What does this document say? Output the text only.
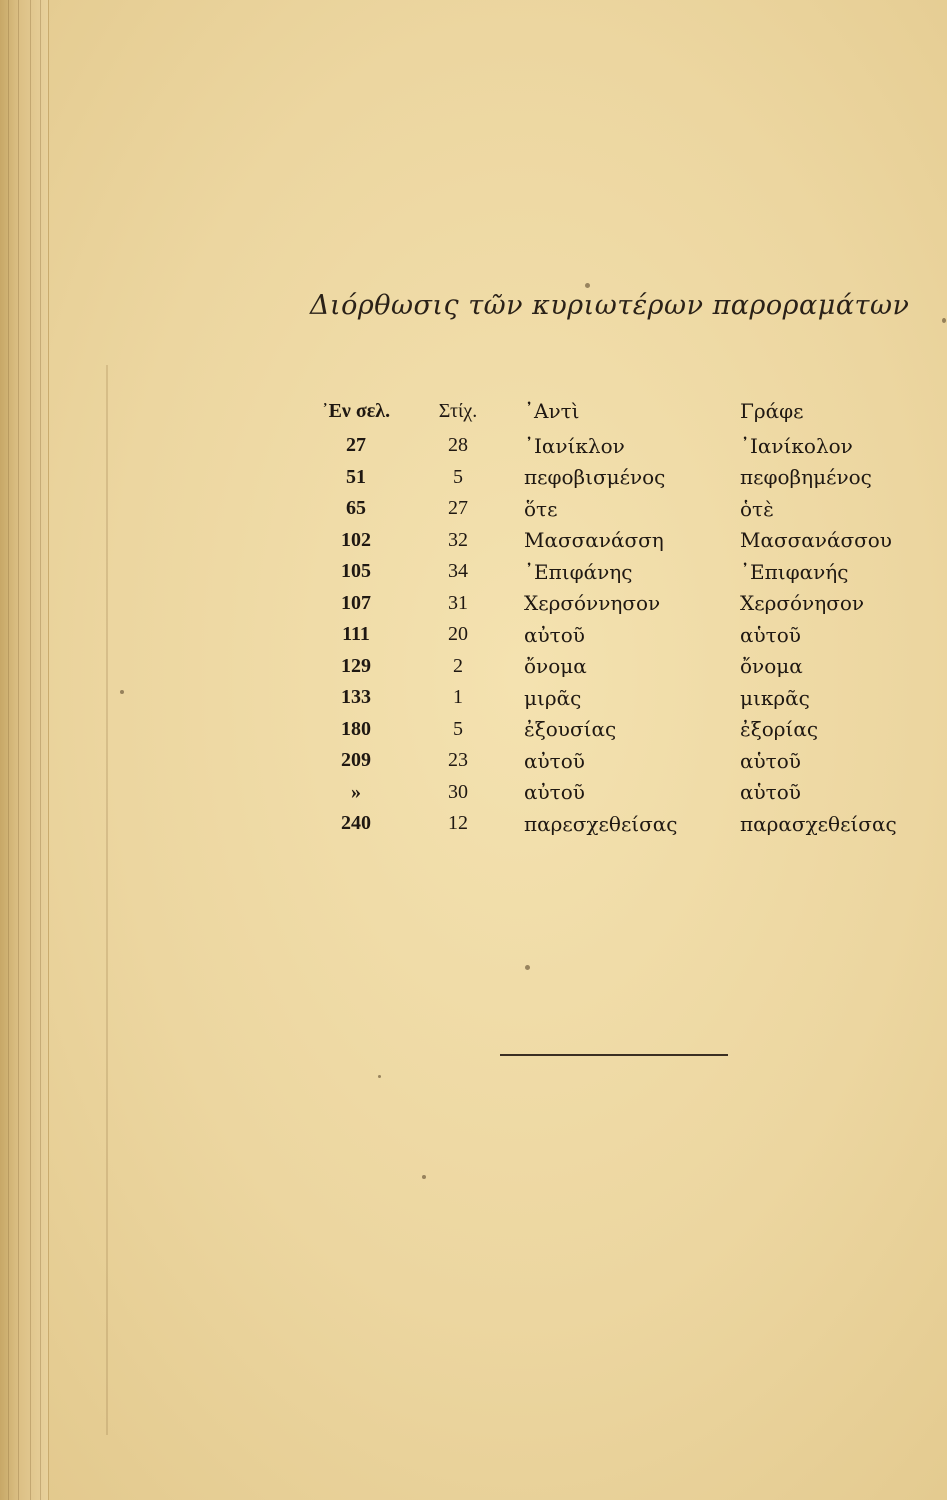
Διόρθωσις τῶν κυριωτέρων παροραμάτων
᾿Εν σελ.	Στίχ.	᾿Αντὶ	Γράφε
27	28	᾿Ιανίκλον	᾿Ιανίκολον
51	5	πεφοβισμένος	πεφοβημένος
65	27	ὅτε	ὁτὲ
102	32	Μασσανάσση	Μασσανάσσου
105	34	᾿Επιφάνης	᾿Επιφανής
107	31	Χερσόννησον	Χερσόνησον
111	20	αὐτοῦ	αὑτοῦ
129	2	ὄνομα	ὄνομα
133	1	μιρᾶς	μικρᾶς
180	5	ἐξουσίας	ἐξορίας
209	23	αὐτοῦ	αὑτοῦ
»	30	αὐτοῦ	αὑτοῦ
240	12	παρεσχεθείσας	παρασχεθείσας
